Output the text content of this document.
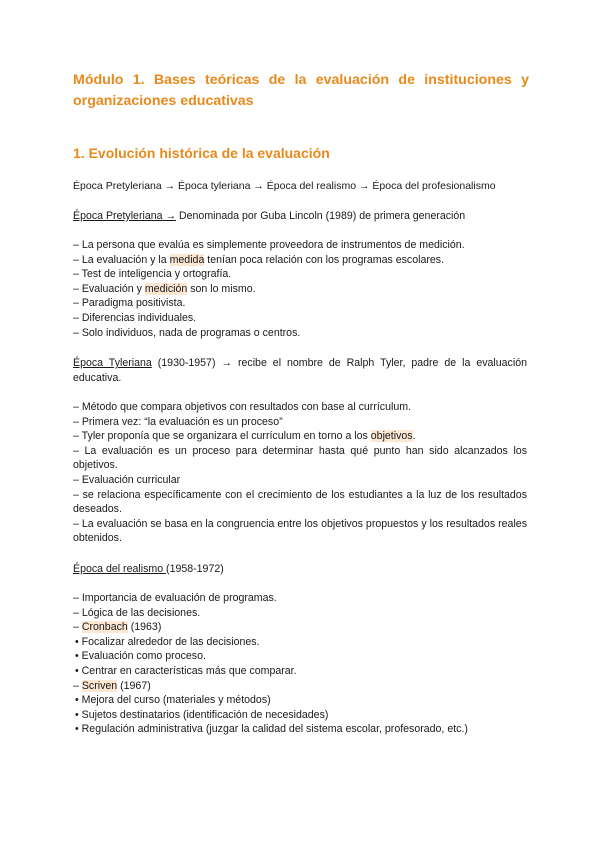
Módulo 1. Bases teóricas de la evaluación de instituciones y organizaciones educativas
1. Evolución histórica de la evaluación
Época Pretyleriana → Época tyleriana → Época del realismo → Época del profesionalismo
Época Pretyleriana → Denominada por Guba Lincoln (1989) de primera generación
– La persona que evalúa es simplemente proveedora de instrumentos de medición.
– La evaluación y la medida tenían poca relación con los programas escolares.
– Test de inteligencia y ortografía.
– Evaluación y medición son lo mismo.
– Paradigma positivista.
– Diferencias individuales.
– Solo individuos, nada de programas o centros.
Época Tyleriana (1930-1957) → recibe el nombre de Ralph Tyler, padre de la evaluación educativa.
– Método que compara objetivos con resultados con base al currículum.
– Primera vez: “la evaluación es un proceso”
– Tyler proponía que se organizara el currículum en torno a los objetivos.
– La evaluación es un proceso para determinar hasta qué punto han sido alcanzados los objetivos.
– Evaluación curricular
– se relaciona específicamente con el crecimiento de los estudiantes a la luz de los resultados deseados.
– La evaluación se basa en la congruencia entre los objetivos propuestos y los resultados reales obtenidos.
Época del realismo (1958-1972)
– Importancia de evaluación de programas.
– Lógica de las decisiones.
– Cronbach (1963)
• Focalizar alrededor de las decisiones.
• Evaluación como proceso.
• Centrar en características más que comparar.
– Scriven (1967)
• Mejora del curso (materiales y métodos)
• Sujetos destinatarios (identificación de necesidades)
• Regulación administrativa (juzgar la calidad del sistema escolar, profesorado, etc.)
